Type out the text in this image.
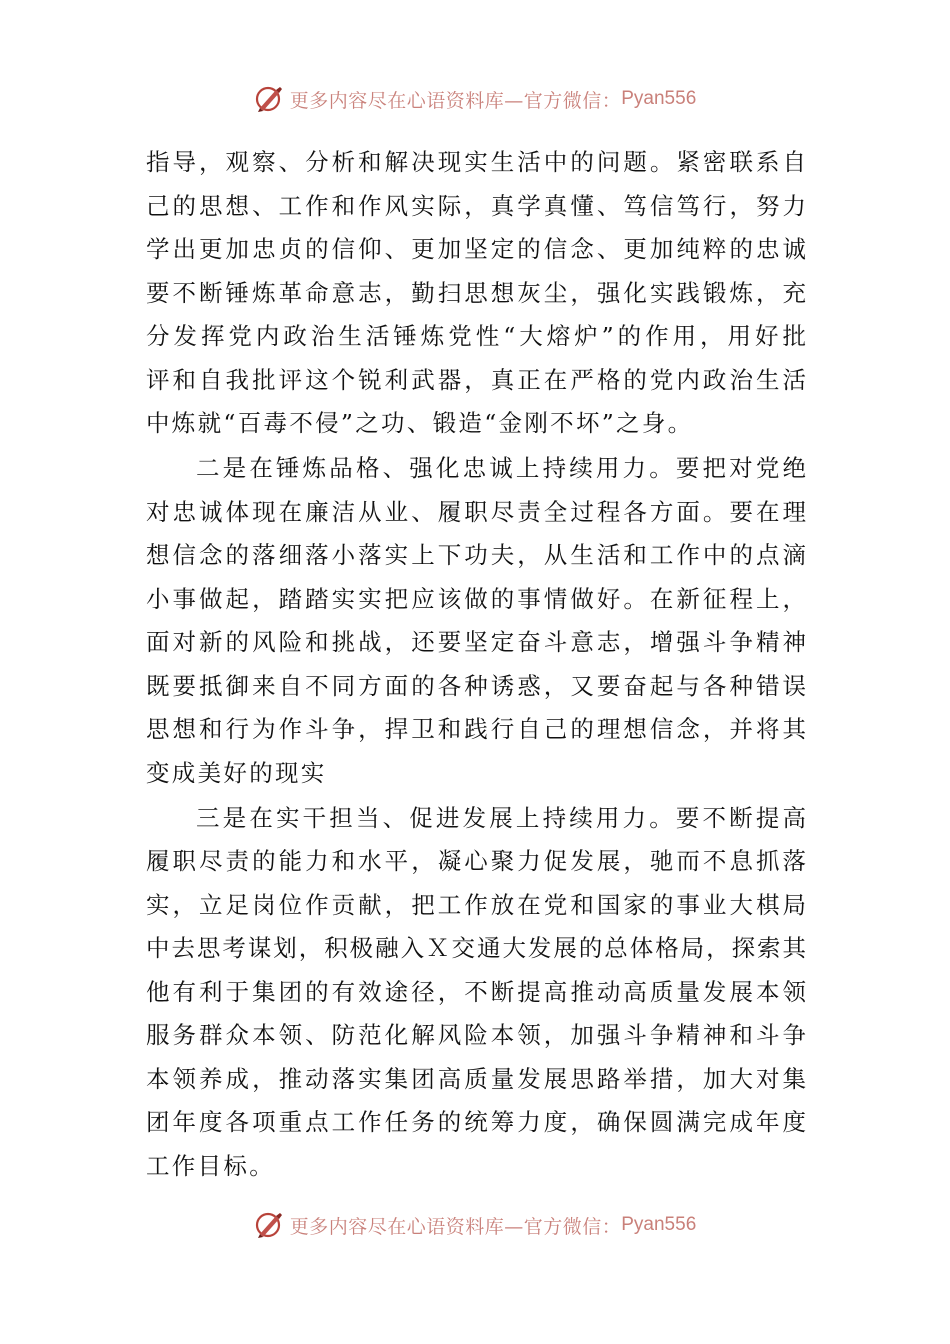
更多内容尽在心语资料库—官方微信： Pyan556
指导，观察、分析和解决现实生活中的问题。紧密联系自
己的思想、工作和作风实际，真学真懂、笃信笃行，努力
学出更加忠贞的信仰、更加坚定的信念、更加纯粹的忠诚
要不断锤炼革命意志，勤扫思想灰尘，强化实践锻炼，充
分发挥党内政治生活锤炼党性“大熔炉”的作用，用好批
评和自我批评这个锐利武器，真正在严格的党内政治生活
中炼就“百毒不侵”之功、锻造“金刚不坏”之身。
二是在锤炼品格、强化忠诚上持续用力。要把对党绝
对忠诚体现在廉洁从业、履职尽责全过程各方面。要在理
想信念的落细落小落实上下功夫，从生活和工作中的点滴
小事做起，踏踏实实把应该做的事情做好。在新征程上，
面对新的风险和挑战，还要坚定奋斗意志，增强斗争精神
既要抵御来自不同方面的各种诱惑，又要奋起与各种错误
思想和行为作斗争，捍卫和践行自己的理想信念，并将其
变成美好的现实
三是在实干担当、促进发展上持续用力。要不断提高
履职尽责的能力和水平，凝心聚力促发展，驰而不息抓落
实，立足岗位作贡献，把工作放在党和国家的事业大棋局
中去思考谋划，积极融入Ｘ交通大发展的总体格局，探索其
他有利于集团的有效途径，不断提高推动高质量发展本领
服务群众本领、防范化解风险本领，加强斗争精神和斗争
本领养成，推动落实集团高质量发展思路举措，加大对集
团年度各项重点工作任务的统筹力度，确保圆满完成年度
工作目标。
更多内容尽在心语资料库—官方微信： Pyan556
